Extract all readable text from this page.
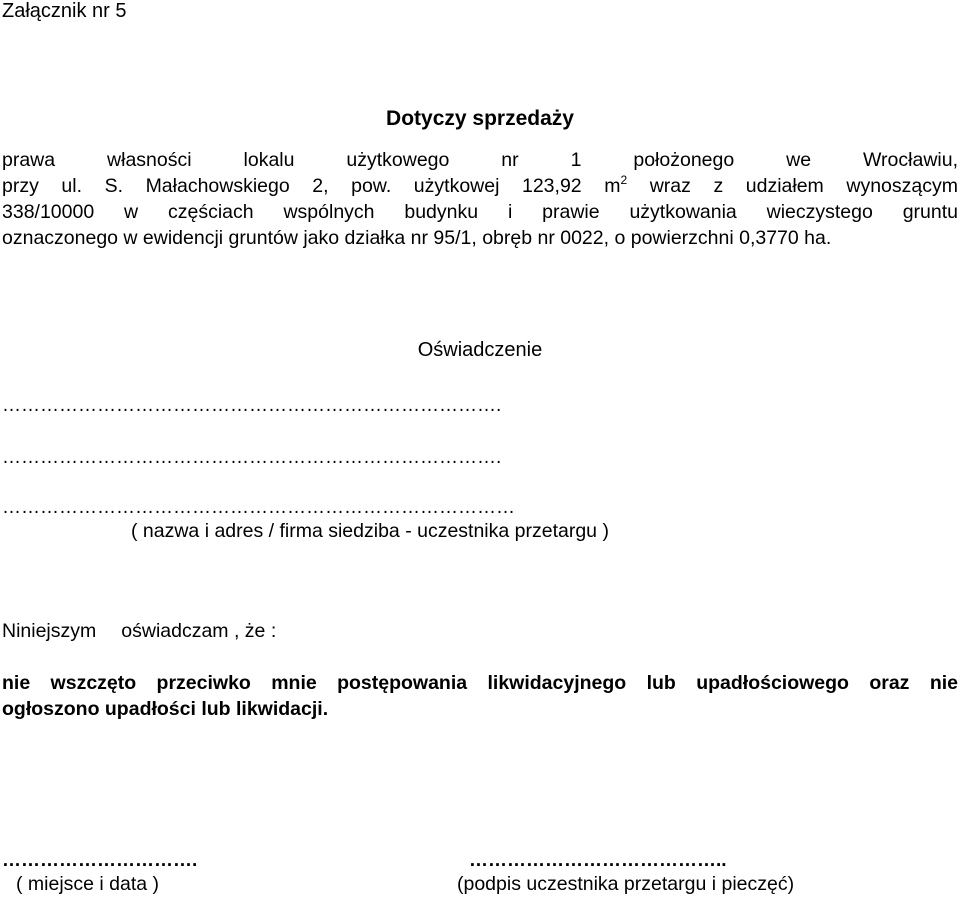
Załącznik nr 5
Dotyczy sprzedaży
prawa własności lokalu użytkowego nr 1 położonego we Wrocławiu,
przy ul. S. Małachowskiego 2, pow. użytkowej 123,92 $m^2$ wraz z udziałem wynoszącym
338/10000 w częściach wspólnych budynku i prawie użytkowania wieczystego gruntu
oznaczonego w ewidencji gruntów jako działka nr 95/1, obręb nr 0022, o powierzchni 0,3770 ha.
Oświadczenie
…………………………………………………………………….
…………………………………………………………………….
………………………………………………………………………
( nazwa i adres / firma siedziba - uczestnika przetargu )
Niniejszym oświadczam , że :
nie wszczęto przeciwko mnie postępowania likwidacyjnego lub upadłościowego oraz nie
ogłoszono upadłości lub likwidacji.
………………………….	…………………………………..
( miejsce i data )	(podpis uczestnika przetargu i pieczęć)
